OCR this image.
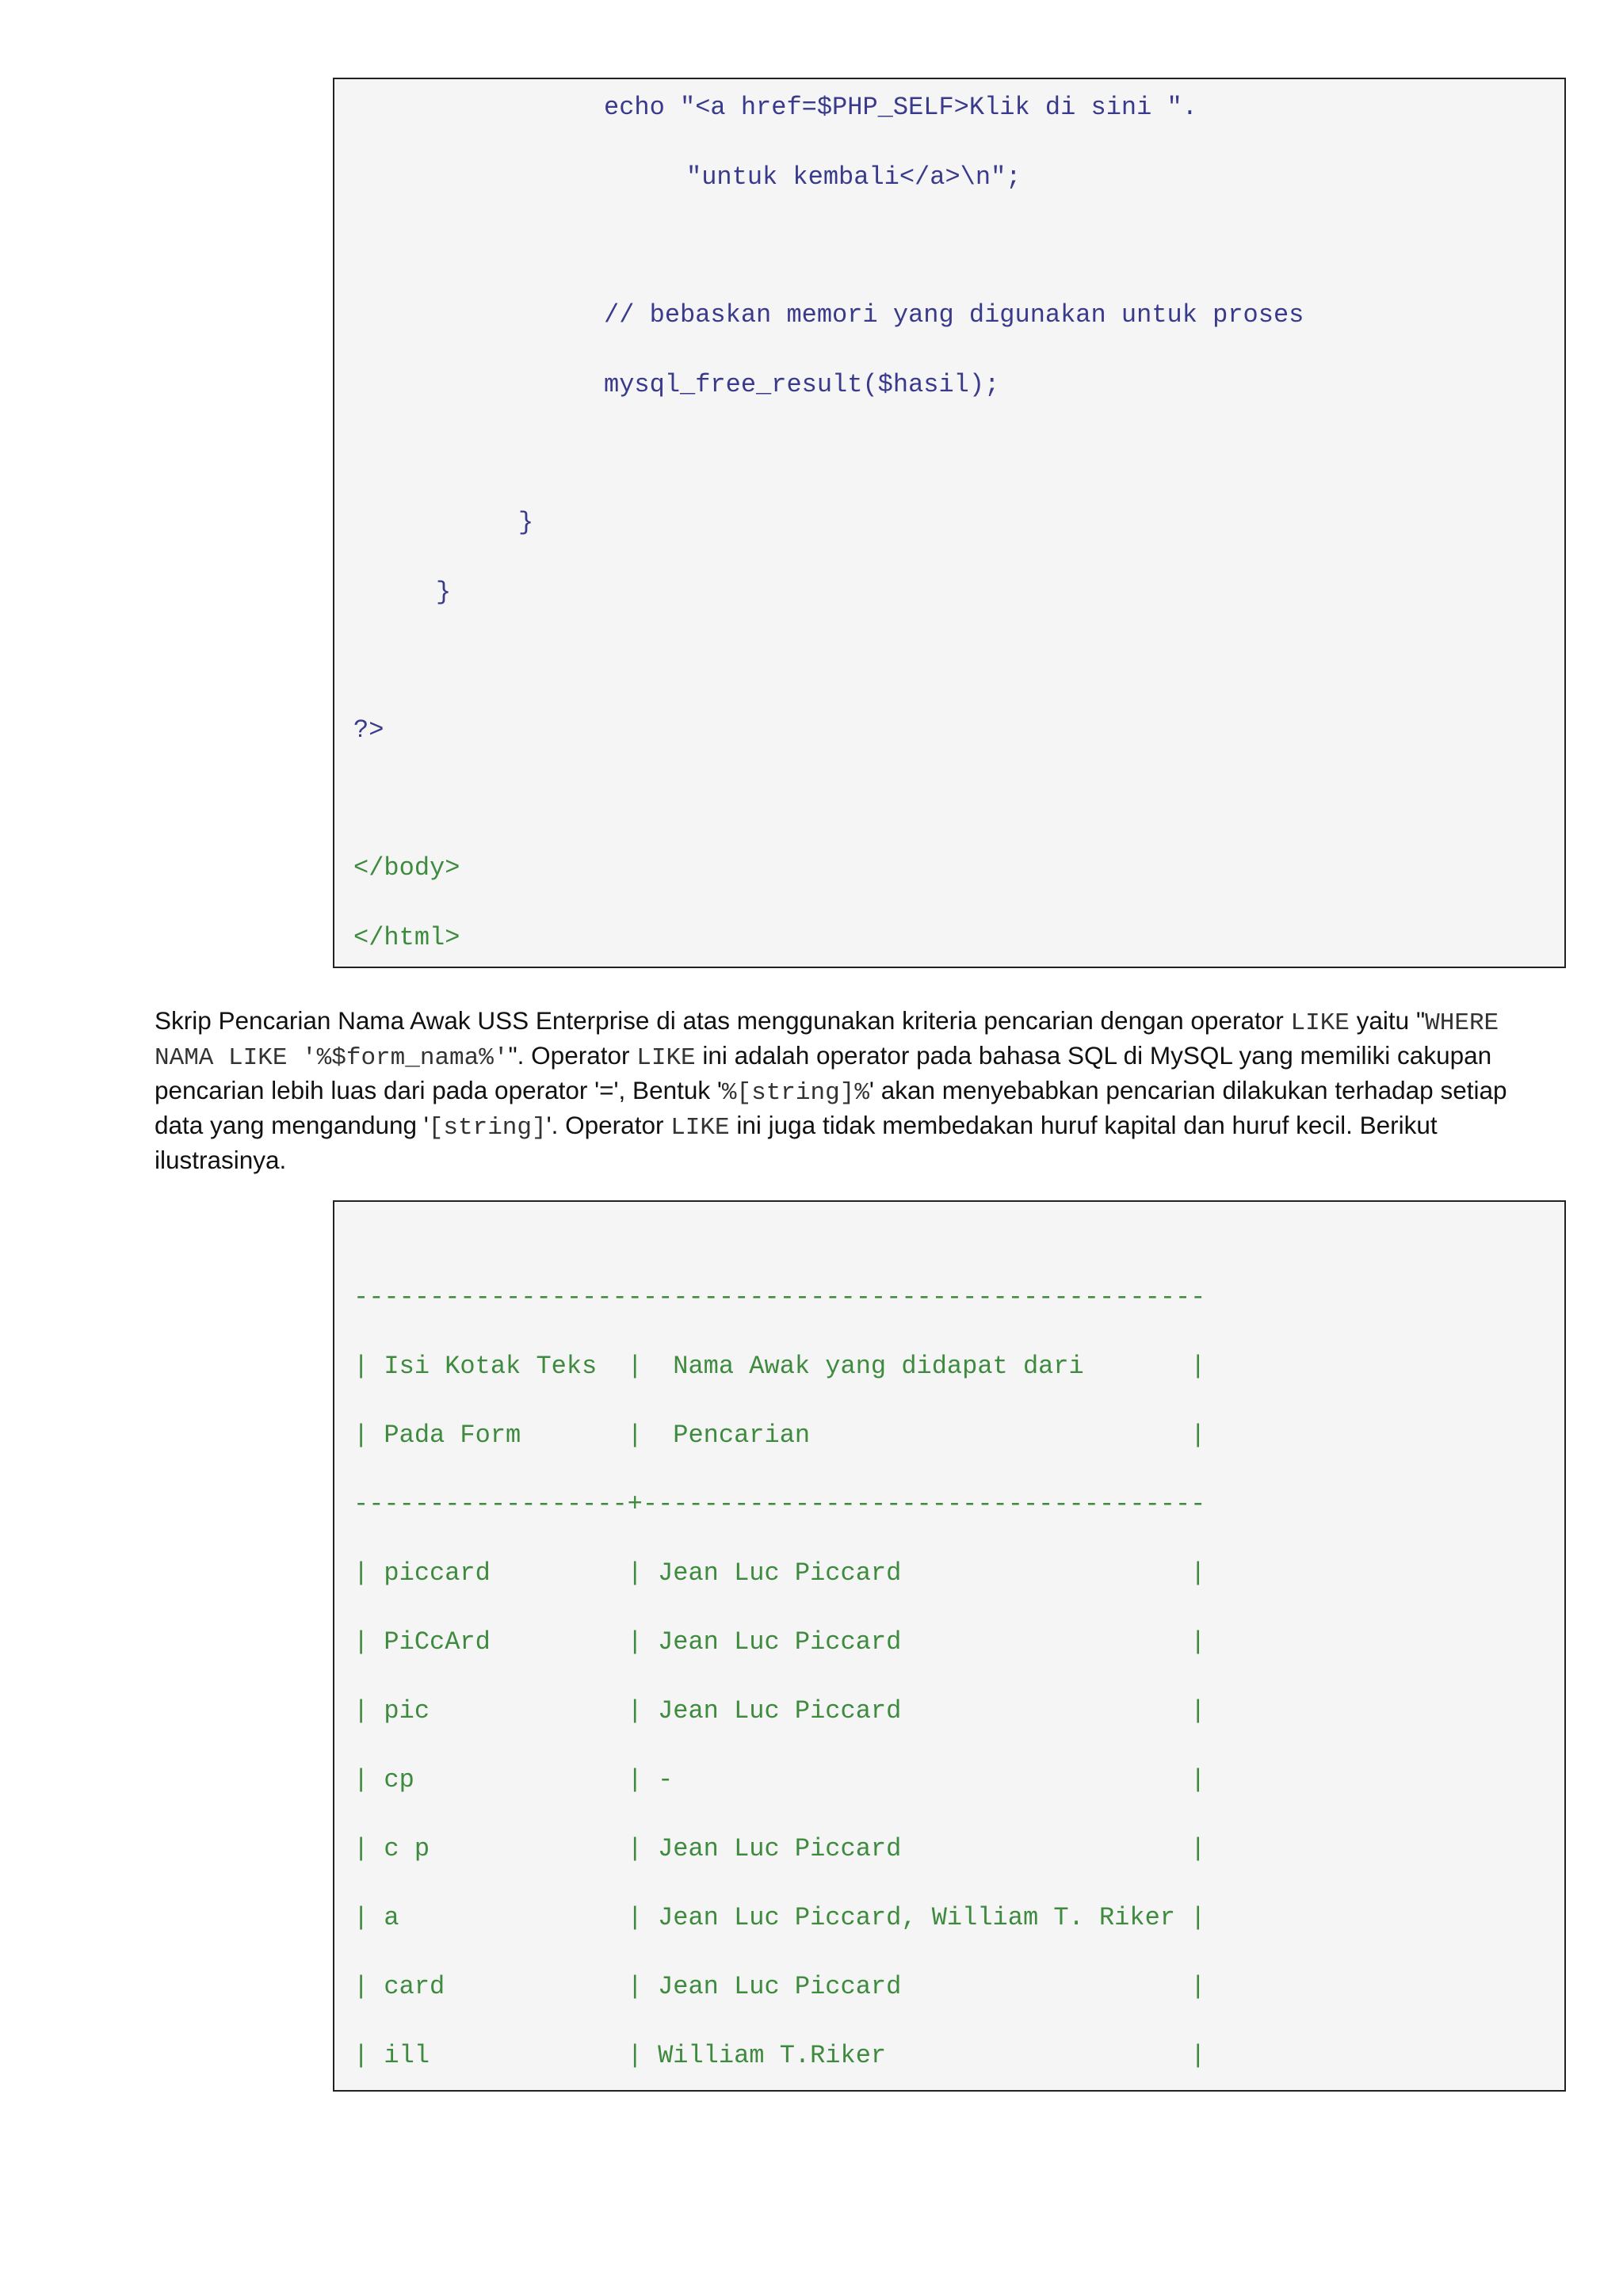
echo "<a href=$PHP_SELF>Klik di sini ".
"untuk kembali</a>\n";
// bebaskan memori yang digunakan untuk proses
mysql_free_result($hasil);
}
}
?>
</body>
</html>

Skrip Pencarian Nama Awak USS Enterprise di atas menggunakan kriteria pencarian dengan operator LIKE yaitu "WHERE NAMA LIKE '%$form_nama%'". Operator LIKE ini adalah operator pada bahasa SQL di MySQL yang memiliki cakupan pencarian lebih luas dari pada operator '=', Bentuk '%[string]%' akan menyebabkan pencarian dilakukan terhadap setiap data yang mengandung '[string]'. Operator LIKE ini juga tidak membedakan huruf kapital dan huruf kecil. Berikut ilustrasinya.

--------------------------------------------------------
| Isi Kotak Teks  |  Nama Awak yang didapat dari       |
| Pada Form       |  Pencarian                         |
------------------+-------------------------------------
| piccard         | Jean Luc Piccard                   |
| PiCcArd         | Jean Luc Piccard                   |
| pic             | Jean Luc Piccard                   |
| cp              | -                                  |
| c p             | Jean Luc Piccard                   |
| a               | Jean Luc Piccard, William T. Riker |
| card            | Jean Luc Piccard                   |
| ill             | William T.Riker                    |
